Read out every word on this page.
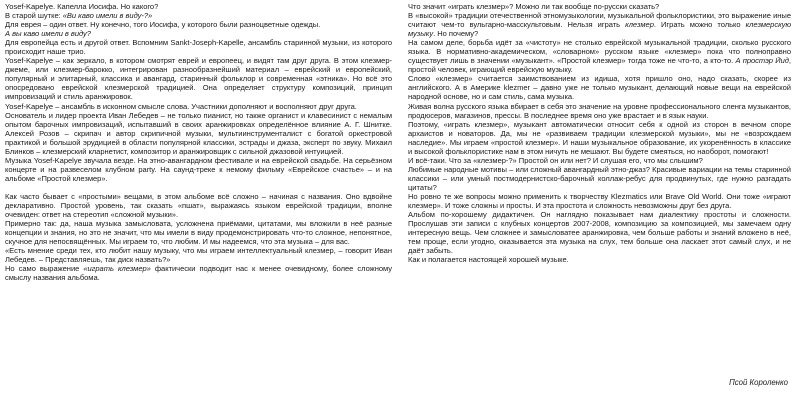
Yosef-Kapelye. Капелла Иосифа. Но какого?

В старой шутке: «Ви каво имели в виду-?»

Для еврея – один ответ. Ну конечно, того Иосифа, у которого были разноцветные одежды.

А вы каво имели в виду?

Для европейца есть и другой ответ. Вспомним Sankt-Joseph-Kapelle, ансамбль старинной музыки, из которого происходит наше трио.

Yosef-Kapelye – как зеркало, в котором смотрят еврей и европеец, и видят там друг друга. В этом клезмер-джеме, или клезмер-барокко, интегрирован разнообразнейший материал – еврейский и европейский, популярный и элитарный, классика и авангард, старинный фольклор и современная «этника». Но всё это опосредовано еврейской клезмерской традицией. Она определяет структуру композиций, принцип импровизаций и стиль аранжировок.

Yosef-Kapelye – ансамбль в исконном смысле слова. Участники дополняют и восполняют друг друга.

Основатель и лидер проекта Иван Лебедев – не только пианист, но также органист и клавесинист с немалым опытом барочных импровизаций, испытавший в своих аранжировках определённое влияние А. Г. Шнитке. Алексей Розов – скрипач и автор скрипичной музыки, мультиинструменталист с богатой оркестровой практикой и большой эрудицией в области популярной классики, эстрады и джаза, эксперт по звуку. Михаил Блинков – клезмерский кларнетист, композитор и аранжировщик с сильной джазовой интуицией.

Музыка Yosef-Kapelye звучала везде. На этно-авангардном фестивале и на еврейской свадьбе. На серьёзном концерте и на развеселом клубном party. На саунд-треке к немому фильму «Еврейское счастье» – и на альбоме «Простой клезмер».

Как часто бывает с «простыми» вещами, в этом альбоме всё сложно – начиная с названия. Оно вдвойне декларативно. Простой уровень, так сказать «пшат», выражаясь языком еврейской традиции, вполне очевиден: ответ на стереотип «сложной музыки».

Примерно так: да, наша музыка замысловата, усложнена приёмами, цитатами, мы вложили в неё разные концепции и знания, но это не значит, что мы имели в виду продемонстрировать что-то сложное, непонятное, скучное для непосвящённых. Мы играем то, что любим. И мы надеемся, что эта музыка – для вас.

«Есть мнение среди тех, кто любит нашу музыку, что мы играем интеллектуальный клезмер, – говорит Иван Лебедев. – Представляешь, так диск назвать?»

Но само выражение «играть клезмер» фактически подводит нас к менее очевидному, более сложному смыслу названия альбома.

Что значит «играть клезмер»? Можно ли так вообще по-русски сказать?

В «высокой» традиции отечественной этномузыкологии, музыкальной фольклористики, это выражение иные считают чем-то вульгарно-масскультовым. Нельзя играть клезмер. Играть можно только клезмерскую музыку. Но почему?

На самом деле, борьба идёт за «чистоту» не столько еврейской музыкальной традиции, сколько русского языка. В нормативно-академическом, «словарном» русском языке «клезмер» пока что полноправно существует лишь в значении «музыкант». «Простой клезмер» тогда тоже не что-то, а кто-то. А простэр Ӣид, простой человек, играющий еврейскую музыку.

Слово «клезмер» считается заимствованием из идиша, хотя пришло оно, надо сказать, скорее из английского. А в Америке klezmer – давно уже не только музыкант, делающий новые вещи на еврейской народной основе, но и сам стиль, сама музыка.

Живая волна русского языка вбирает в себя это значение на уровне профессионального сленга музыкантов, продюсеров, магазинов, прессы. В последнее время оно уже врастает и в язык науки.

Поэтому, «играть клезмер», музыкант автоматически относит себя к одной из сторон в вечном споре архаистов и новаторов. Да, мы не «развиваем традиции клезмерской музыки», мы не «возрождаем наследие». Мы играем «простой клезмер». И наши музыкальное образование, их укоренённость в классике и высокой фольклористике нам в этом ничуть не мешают. Вы будете смеяться, но наоборот, помогают!

И всё-таки. Что за «клезмер-?» Простой он или нет? И слушая его, что мы слышим?

Любимые народные мотивы – или сложный авангардный этно-джаз? Красивые вариации на темы старинной классики – или умный постмодернистско-барочный коллаж-ребус для продвинутых, где нужно разгадать цитаты?

Но ровно те же вопросы можно применить к творчеству Klezmatics или Brave Old World. Они тоже «играют клезмер». И тоже сложны и просты. И эта простота и сложность невозможны друг без друга.

Альбом по-хорошему дидактичен. Он наглядно показывает нам диалектику простоты и сложности. Прослушав эти записи с клубных концертов 2007-2008, композицию за композицией, мы замечаем одну интересную вещь. Чем сложнее и замысловатее аранжировка, чем больше работы и знаний вложено в неё, тем проще, если угодно, оказывается эта музыка на слух, тем больше она ласкает этот самый слух, и не даёт забыть.

Как и полагается настоящей хорошей музыке.

Псой Короленко
